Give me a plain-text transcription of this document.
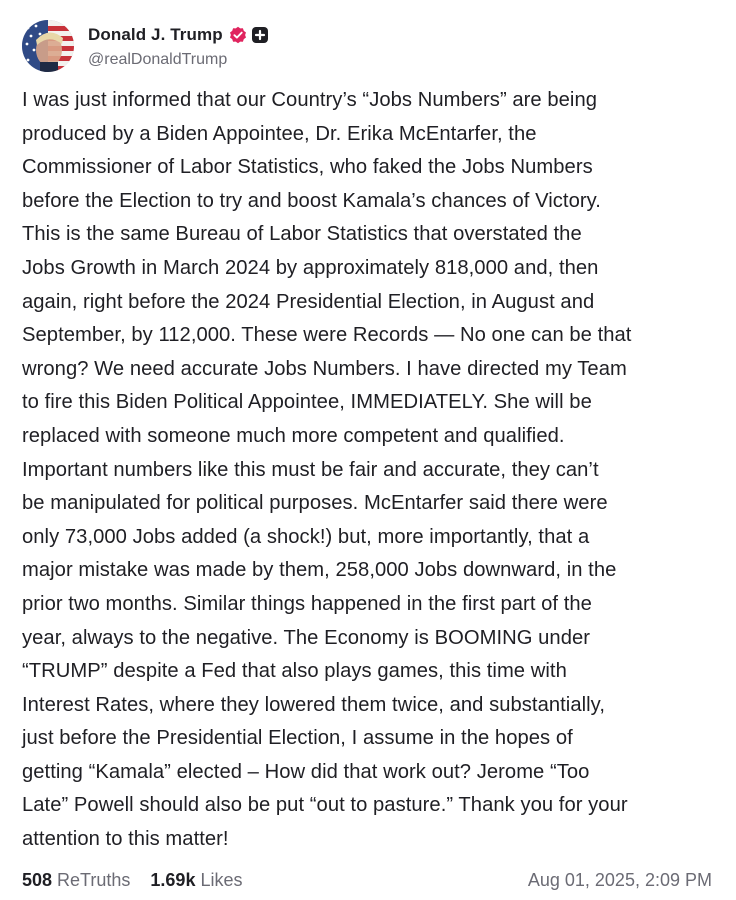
Donald J. Trump
@realDonaldTrump

I was just informed that our Country’s “Jobs Numbers” are being

produced by a Biden Appointee, Dr. Erika McEntarfer, the

Commissioner of Labor Statistics, who faked the Jobs Numbers

before the Election to try and boost Kamala’s chances of Victory.

This is the same Bureau of Labor Statistics that overstated the

Jobs Growth in March 2024 by approximately 818,000 and, then

again, right before the 2024 Presidential Election, in August and

September, by 112,000. These were Records — No one can be that

wrong? We need accurate Jobs Numbers. I have directed my Team

to fire this Biden Political Appointee, IMMEDIATELY. She will be

replaced with someone much more competent and qualified.

Important numbers like this must be fair and accurate, they can’t

be manipulated for political purposes. McEntarfer said there were

only 73,000 Jobs added (a shock!) but, more importantly, that a

major mistake was made by them, 258,000 Jobs downward, in the

prior two months. Similar things happened in the first part of the

year, always to the negative. The Economy is BOOMING under

“TRUMP” despite a Fed that also plays games, this time with

Interest Rates, where they lowered them twice, and substantially,

just before the Presidential Election, I assume in the hopes of

getting “Kamala” elected – How did that work out? Jerome “Too

Late” Powell should also be put “out to pasture.” Thank you for your

attention to this matter!

508 ReTruths 1.69k Likes	Aug 01, 2025, 2:09 PM
